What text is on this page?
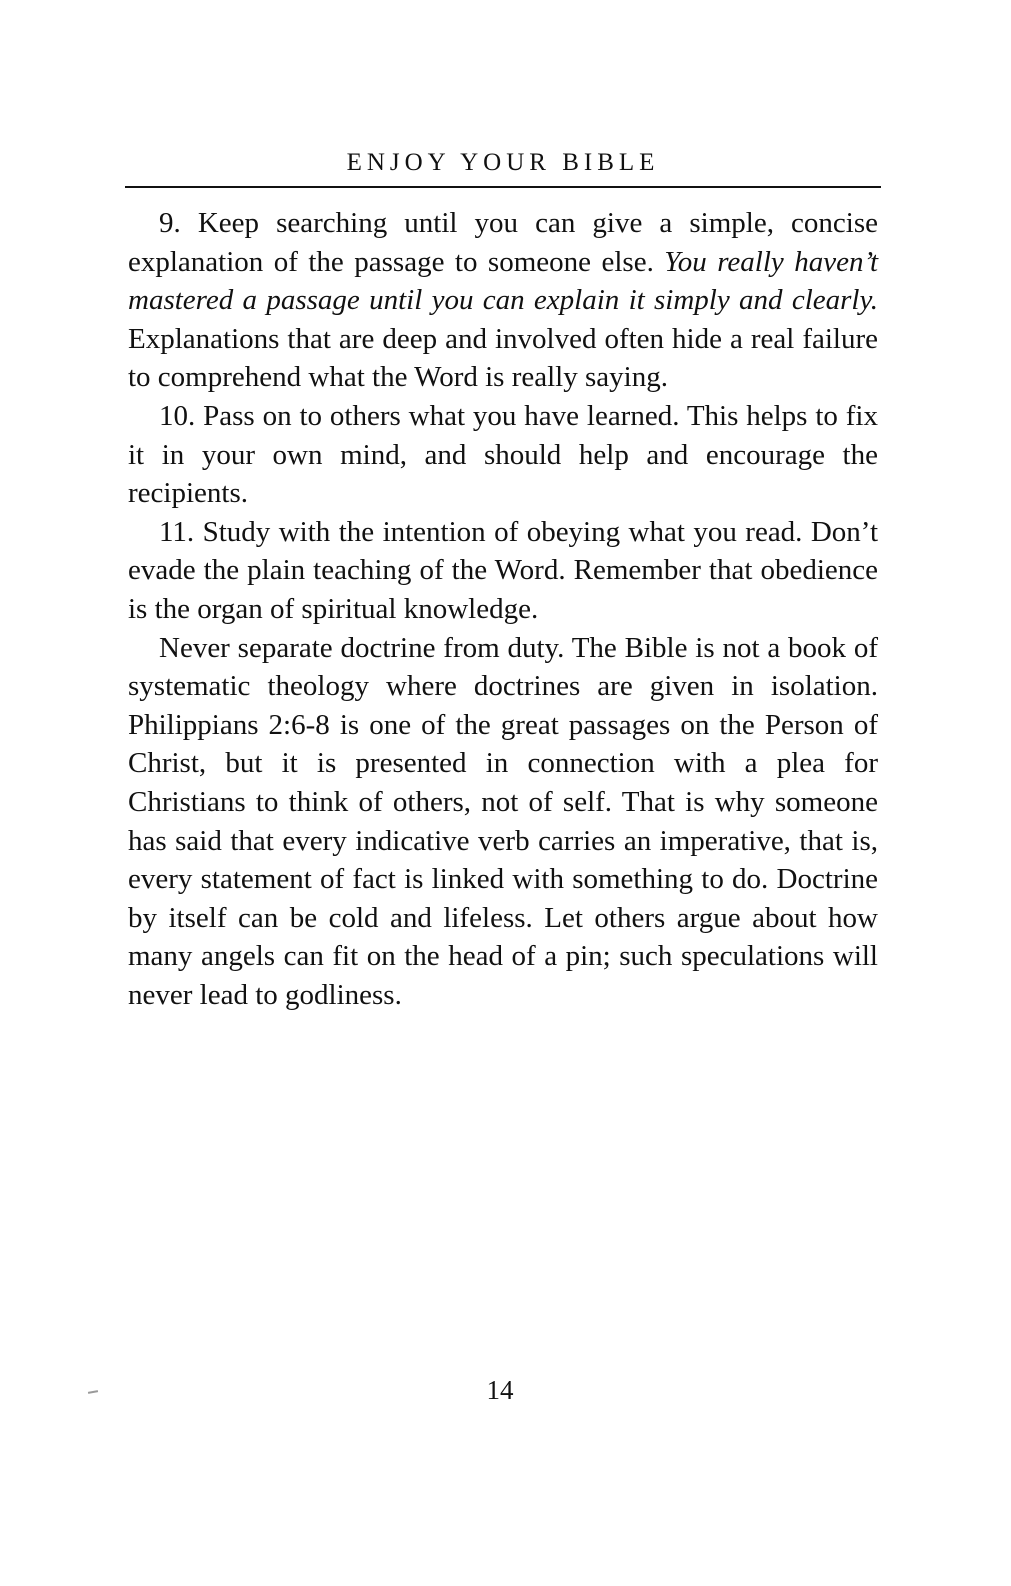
ENJOY YOUR BIBLE

9. Keep searching until you can give a simple, concise explanation of the passage to someone else. You really haven’t mastered a passage until you can explain it simply and clearly. Explanations that are deep and involved often hide a real failure to comprehend what the Word is really saying.

10. Pass on to others what you have learned. This helps to fix it in your own mind, and should help and encourage the recipients.

11. Study with the intention of obeying what you read. Don’t evade the plain teaching of the Word. Remember that obedience is the organ of spiritual knowledge.

Never separate doctrine from duty. The Bible is not a book of systematic theology where doctrines are given in isolation. Philippians 2:6-8 is one of the great passages on the Person of Christ, but it is presented in connection with a plea for Christians to think of others, not of self. That is why someone has said that every indicative verb carries an imperative, that is, every statement of fact is linked with something to do. Doctrine by itself can be cold and lifeless. Let others argue about how many angels can fit on the head of a pin; such speculations will never lead to godliness.

14
